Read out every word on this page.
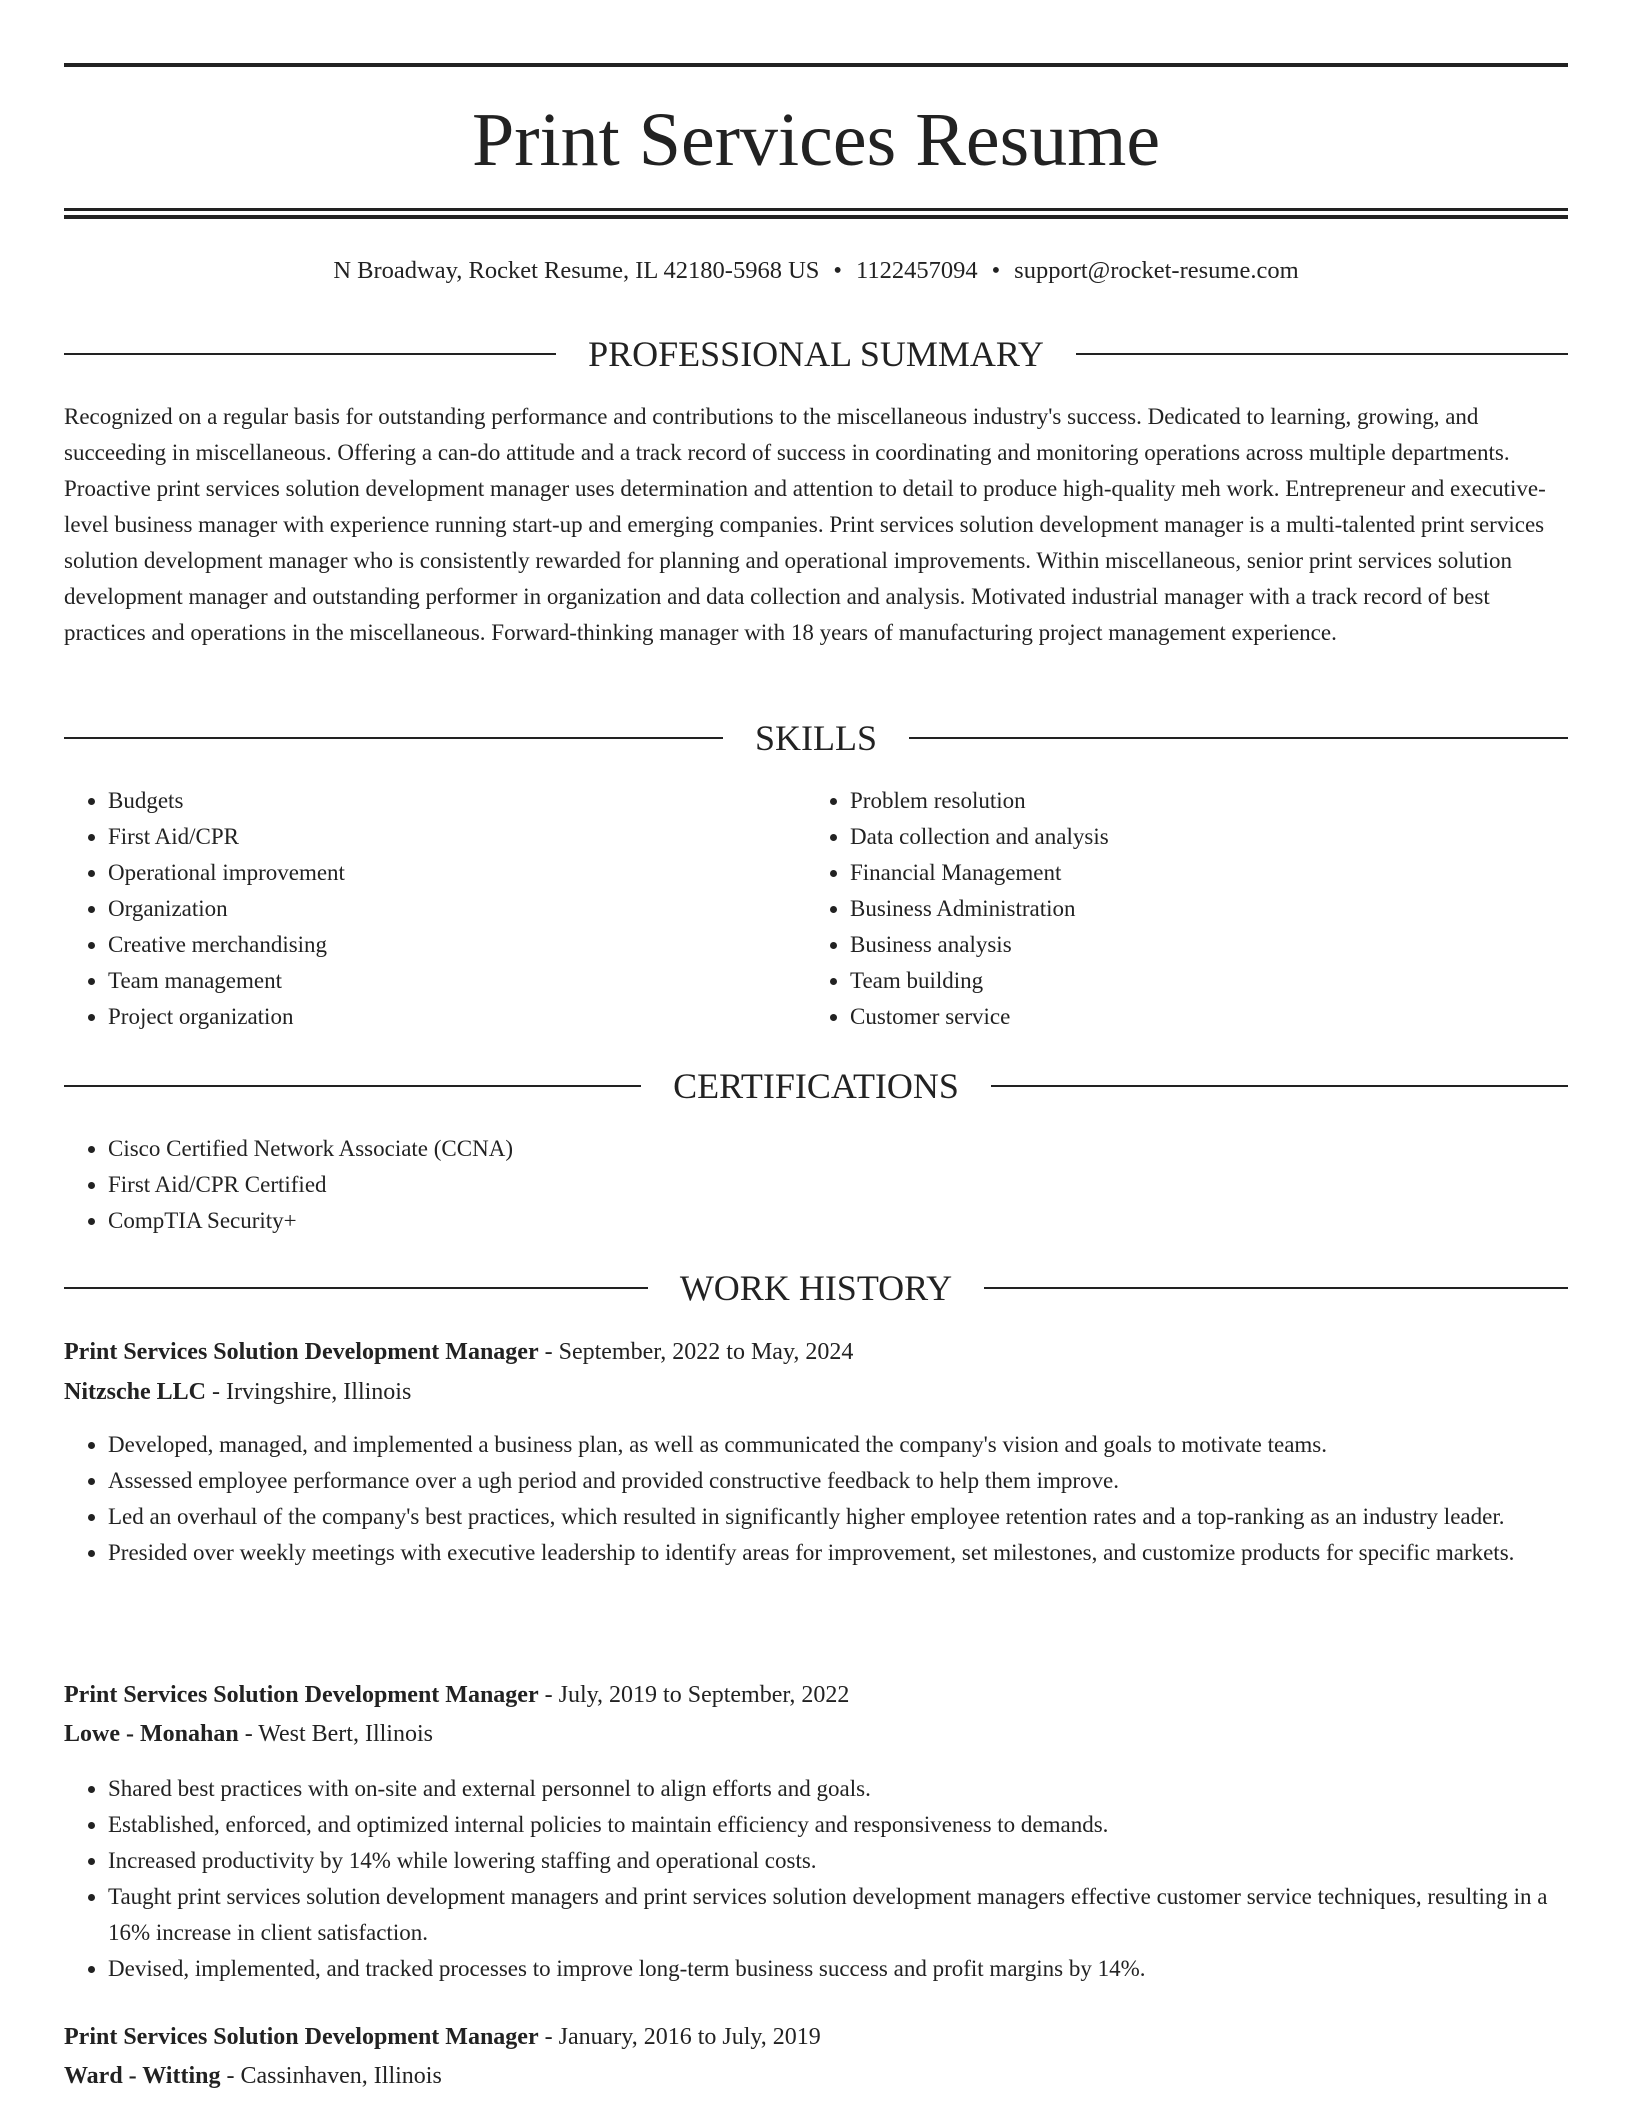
Print Services Resume
N Broadway, Rocket Resume, IL 42180-5968 US • 1122457094 • support@rocket-resume.com
PROFESSIONAL SUMMARY

Recognized on a regular basis for outstanding performance and contributions to the miscellaneous industry's success. Dedicated to learning, growing, and succeeding in miscellaneous. Offering a can-do attitude and a track record of success in coordinating and monitoring operations across multiple departments. Proactive print services solution development manager uses determination and attention to detail to produce high-quality meh work. Entrepreneur and executive-level business manager with experience running start-up and emerging companies. Print services solution development manager is a multi-talented print services solution development manager who is consistently rewarded for planning and operational improvements. Within miscellaneous, senior print services solution development manager and outstanding performer in organization and data collection and analysis. Motivated industrial manager with a track record of best practices and operations in the miscellaneous. Forward-thinking manager with 18 years of manufacturing project management experience.

SKILLS
• Budgets
• First Aid/CPR
• Operational improvement
• Organization
• Creative merchandising
• Team management
• Project organization
• Problem resolution
• Data collection and analysis
• Financial Management
• Business Administration
• Business analysis
• Team building
• Customer service
CERTIFICATIONS
• Cisco Certified Network Associate (CCNA)
• First Aid/CPR Certified
• CompTIA Security+
WORK HISTORY
Print Services Solution Development Manager - September, 2022 to May, 2024
Nitzsche LLC - Irvingshire, Illinois
• Developed, managed, and implemented a business plan, as well as communicated the company's vision and goals to motivate teams.
• Assessed employee performance over a ugh period and provided constructive feedback to help them improve.
• Led an overhaul of the company's best practices, which resulted in significantly higher employee retention rates and a top-ranking as an industry leader.
• Presided over weekly meetings with executive leadership to identify areas for improvement, set milestones, and customize products for specific markets.
Print Services Solution Development Manager - July, 2019 to September, 2022
Lowe - Monahan - West Bert, Illinois
• Shared best practices with on-site and external personnel to align efforts and goals.
• Established, enforced, and optimized internal policies to maintain efficiency and responsiveness to demands.
• Increased productivity by 14% while lowering staffing and operational costs.
• Taught print services solution development managers and print services solution development managers effective customer service techniques, resulting in a 16% increase in client satisfaction.
• Devised, implemented, and tracked processes to improve long-term business success and profit margins by 14%.
Print Services Solution Development Manager - January, 2016 to July, 2019
Ward - Witting - Cassinhaven, Illinois
